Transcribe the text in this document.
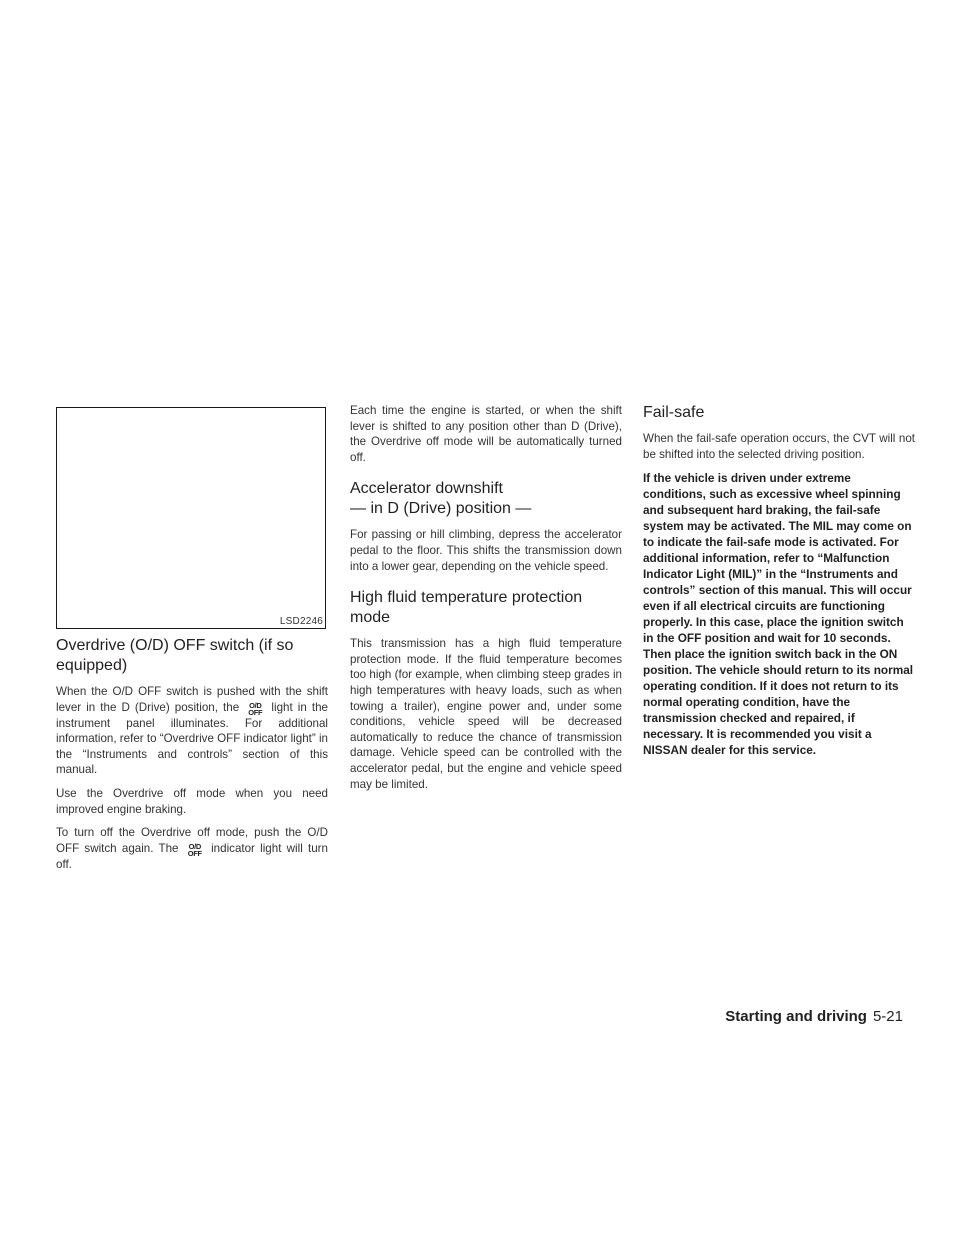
LSD2246
Overdrive (O/D) OFF switch (if so equipped)

When the O/D OFF switch is pushed with the shift lever in the D (Drive) position, the O/D
OFF light in the instrument panel illuminates. For additional information, refer to “Overdrive OFF indicator light” in the “Instruments and controls” section of this manual.

Use the Overdrive off mode when you need improved engine braking.

To turn off the Overdrive off mode, push the O/D OFF switch again. The O/D
OFF indicator light will turn off.

Each time the engine is started, or when the shift lever is shifted to any position other than D (Drive), the Overdrive off mode will be automatically turned off.

Accelerator downshift
— in D (Drive) position —

For passing or hill climbing, depress the accelerator pedal to the floor. This shifts the transmission down into a lower gear, depending on the vehicle speed.

High fluid temperature protection mode

This transmission has a high fluid temperature protection mode. If the fluid temperature becomes too high (for example, when climbing steep grades in high temperatures with heavy loads, such as when towing a trailer), engine power and, under some conditions, vehicle speed will be decreased automatically to reduce the chance of transmission damage. Vehicle speed can be controlled with the accelerator pedal, but the engine and vehicle speed may be limited.

Fail-safe

When the fail-safe operation occurs, the CVT will not be shifted into the selected driving position.

If the vehicle is driven under extreme conditions, such as excessive wheel spinning and subsequent hard braking, the fail-safe system may be activated. The MIL may come on to indicate the fail-safe mode is activated. For additional information, refer to “Malfunction Indicator Light (MIL)” in the “Instruments and controls” section of this manual. This will occur even if all electrical circuits are functioning properly. In this case, place the ignition switch in the OFF position and wait for 10 seconds. Then place the ignition switch back in the ON position. The vehicle should return to its normal operating condition. If it does not return to its normal operating condition, have the transmission checked and repaired, if necessary. It is recommended you visit a NISSAN dealer for this service.

Starting and driving 5-21
